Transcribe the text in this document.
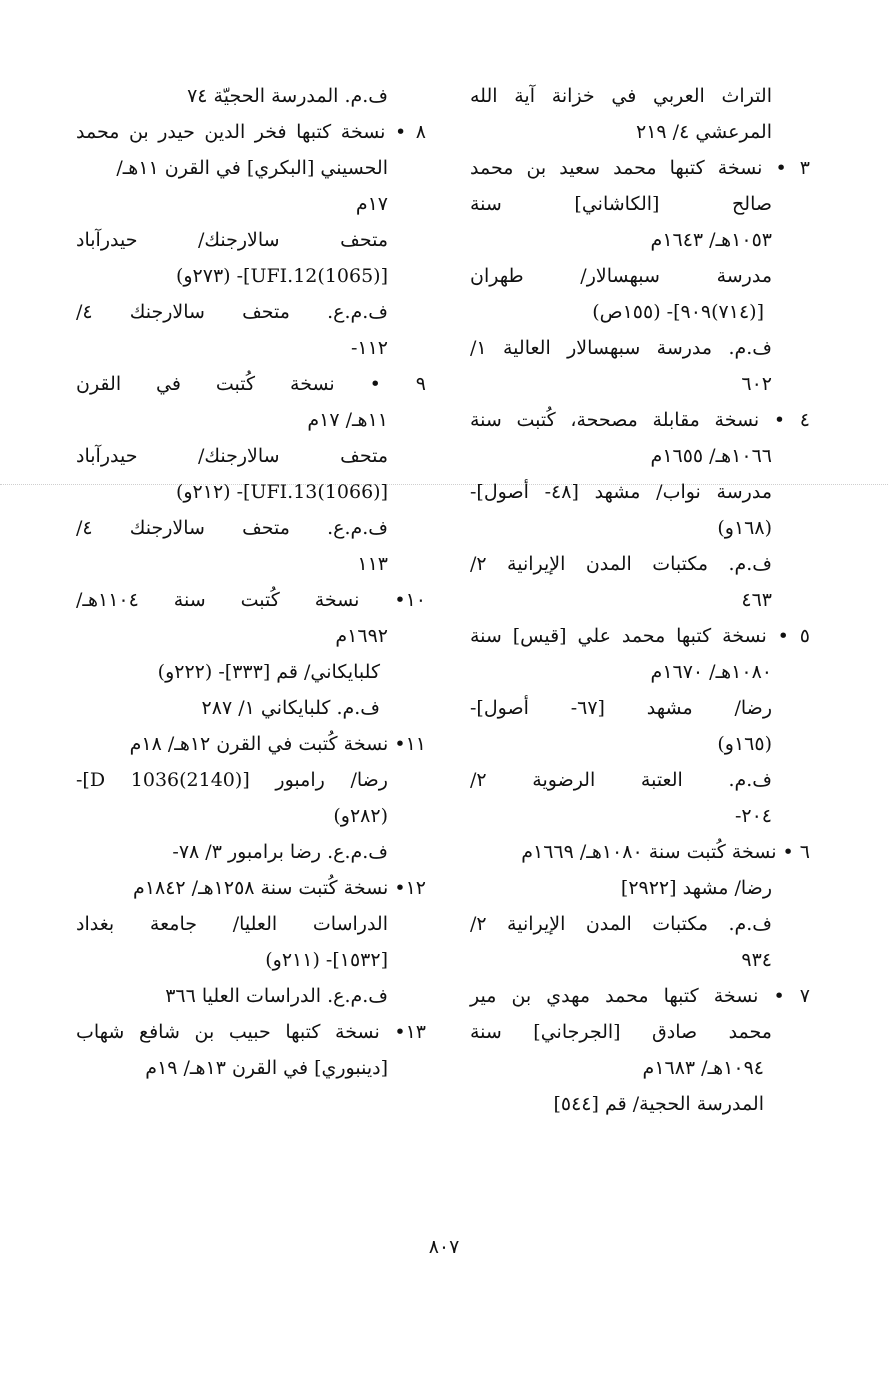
التراث العربي في خزانة آية الله
المرعشي ٤/ ٢١٩
٣ • نسخة كتبها محمد سعيد بن محمد
صالح [الكاشاني] سنة
١٠٥٣هـ/ ١٦٤٣م
مدرسة سبهسالار/ طهران
[(٧١٤)٩٠٩]- (١٥٥ص)
ف.م. مدرسة سبهسالار العالية ١/
٦٠٢
٤ • نسخة مقابلة مصححة، كُتبت سنة
١٠٦٦هـ/ ١٦٥٥م
مدرسة نواب/ مشهد [٤٨- أصول]-
(١٦٨و)
ف.م. مكتبات المدن الإيرانية ٢/
٤٦٣
٥ • نسخة كتبها محمد علي [قيس] سنة
١٠٨٠هـ/ ١٦٧٠م
رضا/ مشهد [٦٧- أصول]-
(١٦٥و)
ف.م. العتبة الرضوية ٢/
٢٠٤-
٦ • نسخة كُتبت سنة ١٠٨٠هـ/ ١٦٦٩م
رضا/ مشهد [٢٩٢٢]
ف.م. مكتبات المدن الإيرانية ٢/
٩٣٤
٧ • نسخة كتبها محمد مهدي بن مير
محمد صادق [الجرجاني] سنة
١٠٩٤هـ/ ١٦٨٣م
المدرسة الحجية/ قم [٥٤٤]
ف.م. المدرسة الحجيّة ٧٤
٨ • نسخة كتبها فخر الدين حيدر بن محمد
الحسيني [البكري] في القرن ١١هـ/
١٧م
متحف سالارجنك/ حيدرآباد
[(1065)UFI.12]- (٢٧٣و)
ف.م.ع. متحف سالارجنك ٤/
١١٢-
٩ • نسخة كُتبت في القرن
١١هـ/ ١٧م
متحف سالارجنك/ حيدرآباد
[(1066)UFI.13]- (٢١٢و)
ف.م.ع. متحف سالارجنك ٤/
١١٣
١٠• نسخة كُتبت سنة ١١٠٤هـ/
١٦٩٢م
كلبايكاني/ قم [٣٣٣]- (٢٢٢و)
ف.م. كلبايكاني ١/ ٢٨٧
١١• نسخة كُتبت في القرن ١٢هـ/ ١٨م
رضا/ رامبور [D 1036(2140)]-
(٢٨٢و)
ف.م.ع. رضا برامبور ٣/ ٧٨-
١٢• نسخة كُتبت سنة ١٢٥٨هـ/ ١٨٤٢م
الدراسات العليا/ جامعة بغداد
[١٥٣٢]- (٢١١و)
ف.م.ع. الدراسات العليا ٣٦٦
١٣• نسخة كتبها حبيب بن شافع شهاب
[دينبوري] في القرن ١٣هـ/ ١٩م
٨٠٧
